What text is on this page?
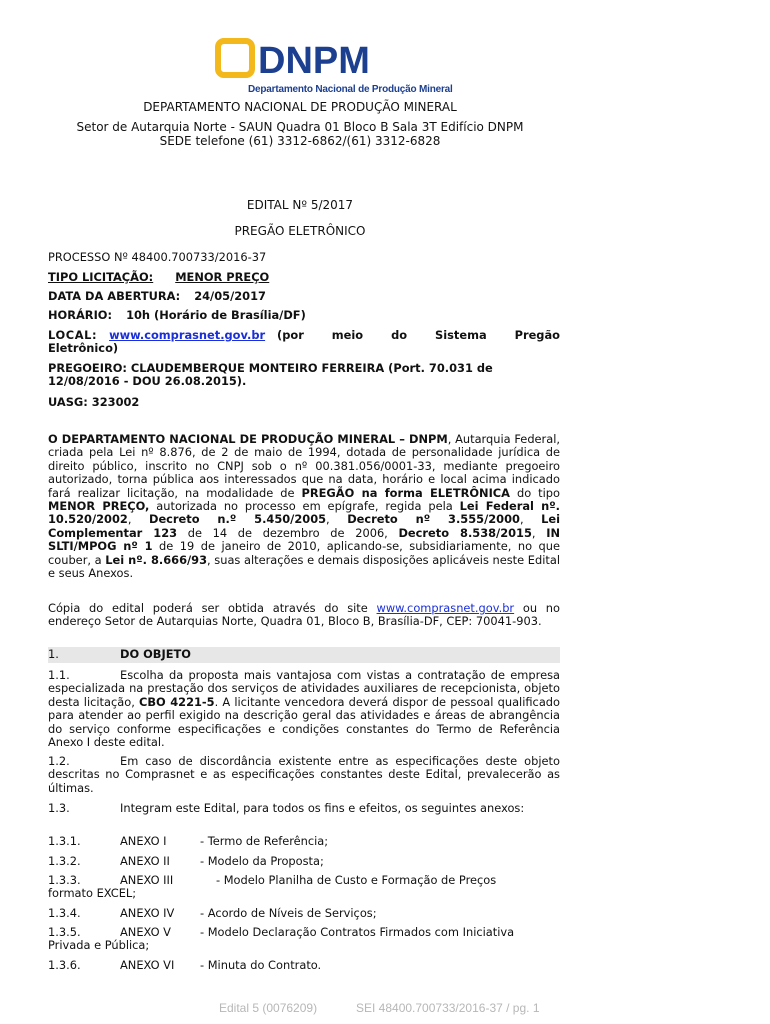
DNPM
Departamento Nacional de Produção Mineral
DEPARTAMENTO NACIONAL DE PRODUÇÃO MINERAL
Setor de Autarquia Norte - SAUN Quadra 01 Bloco B Sala 3T Edifício DNPM
SEDE telefone (61) 3312-6862/(61) 3312-6828
EDITAL Nº 5/2017
PREGÃO ELETRÔNICO
PROCESSO Nº 48400.700733/2016-37
TIPO LICITAÇÃO: MENOR PREÇO
DATA DA ABERTURA: 24/05/2017
HORÁRIO: 10h (Horário de Brasília/DF)
LOCAL: www.comprasnet.gov.br (por meio do Sistema Pregão
Eletrônico)
PREGOEIRO: CLAUDEMBERQUE MONTEIRO FERREIRA (Port. 70.031 de
12/08/2016 - DOU 26.08.2015).
UASG: 323002
O DEPARTAMENTO NACIONAL DE PRODUÇÃO MINERAL – DNPM, Autarquia Federal, criada pela Lei nº 8.876, de 2 de maio de 1994, dotada de personalidade jurídica de direito público, inscrito no CNPJ sob o nº 00.381.056/0001-33, mediante pregoeiro autorizado, torna pública aos interessados que na data, horário e local acima indicado fará realizar licitação, na modalidade de PREGÃO na forma ELETRÔNICA do tipo MENOR PREÇO, autorizada no processo em epígrafe, regida pela Lei Federal nº. 10.520/2002, Decreto n.º 5.450/2005, Decreto nº 3.555/2000, Lei Complementar 123 de 14 de dezembro de 2006, Decreto 8.538/2015, IN SLTI/MPOG nº 1 de 19 de janeiro de 2010, aplicando-se, subsidiariamente, no que couber, a Lei nº. 8.666/93, suas alterações e demais disposições aplicáveis neste Edital e seus Anexos.
Cópia do edital poderá ser obtida através do site www.comprasnet.gov.br ou no endereço Setor de Autarquias Norte, Quadra 01, Bloco B, Brasília-DF, CEP: 70041-903.
1.	DO OBJETO
1.1.	Escolha da proposta mais vantajosa com vistas a contratação de empresa especializada na prestação dos serviços de atividades auxiliares de recepcionista, objeto desta licitação, CBO 4221-5. A licitante vencedora deverá dispor de pessoal qualificado para atender ao perfil exigido na descrição geral das atividades e áreas de abrangência do serviço conforme especificações e condições constantes do Termo de Referência Anexo I deste edital.
1.2.	Em caso de discordância existente entre as especificações deste objeto descritas no Comprasnet e as especificações constantes deste Edital, prevalecerão as últimas.
1.3.	Integram este Edital, para todos os fins e efeitos, os seguintes anexos:
1.3.1.	ANEXO I	- Termo de Referência;
1.3.2.	ANEXO II	- Modelo da Proposta;
1.3.3.	ANEXO III	- Modelo Planilha de Custo e Formação de Preços
formato EXCEL;
1.3.4.	ANEXO IV - Acordo de Níveis de Serviços;
1.3.5.	ANEXO V	- Modelo Declaração Contratos Firmados com Iniciativa
Privada e Pública;
1.3.6.	ANEXO VI - Minuta do Contrato.
Edital 5 (0076209)	SEI 48400.700733/2016-37 / pg. 1
